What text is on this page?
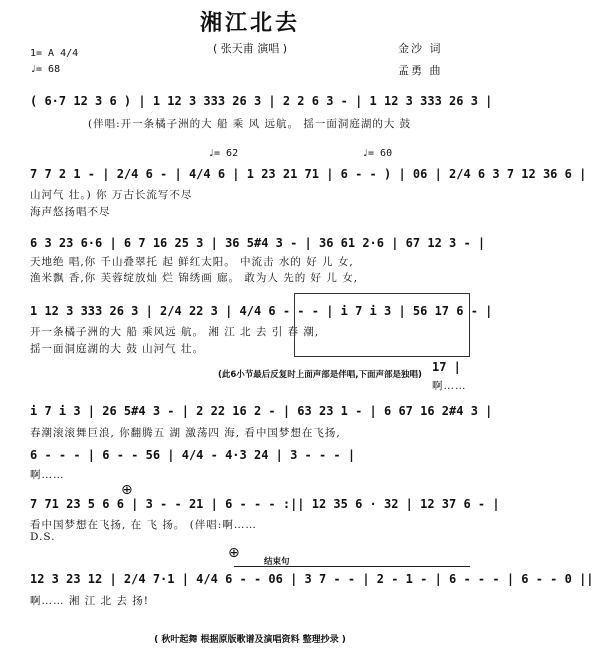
湘江北去
( 张天甫 演唱 )	金沙 词
孟勇 曲
1= A 4/4
♩= 68
( 6·7 12 3 6 ) | 1 12 3 333 26 3 | 2 2 6 3 - | 1 12 3 333 26 3 |
(伴唱:开一条橘子洲的大 船 乘 风 远航。 揺一面洞庭湖的大 鼓
♩= 62	♩= 60
7 7 2 1 - | 2/4 6 - | 4/4 6 | 1 23 21 71 | 6 - - ) | 06 | 2/4 6 3 7 12 36 6 |
山河气 壮。) 你 万古长流写不尽
海声悠扬唱不尽
6 3 23 6·6 | 6 7 16 25 3 | 36 5#4 3 - | 36 61 2·6 | 67 12 3 - |
天地绝 唱,你 千山叠翠托 起 鲜红太阳。 中流击 水的 好 儿 女,
渔米飘 香,你 芙蓉绽放灿 烂 锦绣画 廊。 敢为人 先的 好 儿 女,
1 12 3 333 26 3 | 2/4 22 3 | 4/4 6 - - - | i 7 i 3 | 56 17 6 - |
开一条橘子洲的大 船 乘风远 航。 湘 江 北 去 引 春 潮,
揺一面洞庭湖的大 鼓 山河气 壮。
(此6小节最后反复时上面声部是伴唱,下面声部是独唱)
17 |
啊……
i 7 i 3 | 26 5#4 3 - | 2 22 16 2 - | 63 23 1 - | 6 67 16 2#4 3 |
春潮滚滚舞巨浪, 你翻腾五 湖 激荡四 海, 看中国梦想在飞扬,
6 - - - | 6 - - 56 | 4/4 - 4·3 24 | 3 - - - |
啊……
⊕
7 71 23 5 6 6 | 3 - - 21 | 6 - - - :|| 12 35 6 · 32 | 12 37 6 - |
看中国梦想在飞扬, 在 飞 扬。 (伴唱:啊……
D.S.
⊕
结束句
12 3 23 12 | 2/4 7·1 | 4/4 6 - - 06 | 3 7 - - | 2 - 1 - | 6 - - - | 6 - - 0 ||
啊…… 湘 江 北 去 扬!
( 秋叶起舞 根据原版歌谱及演唱资料 整理抄录 )
